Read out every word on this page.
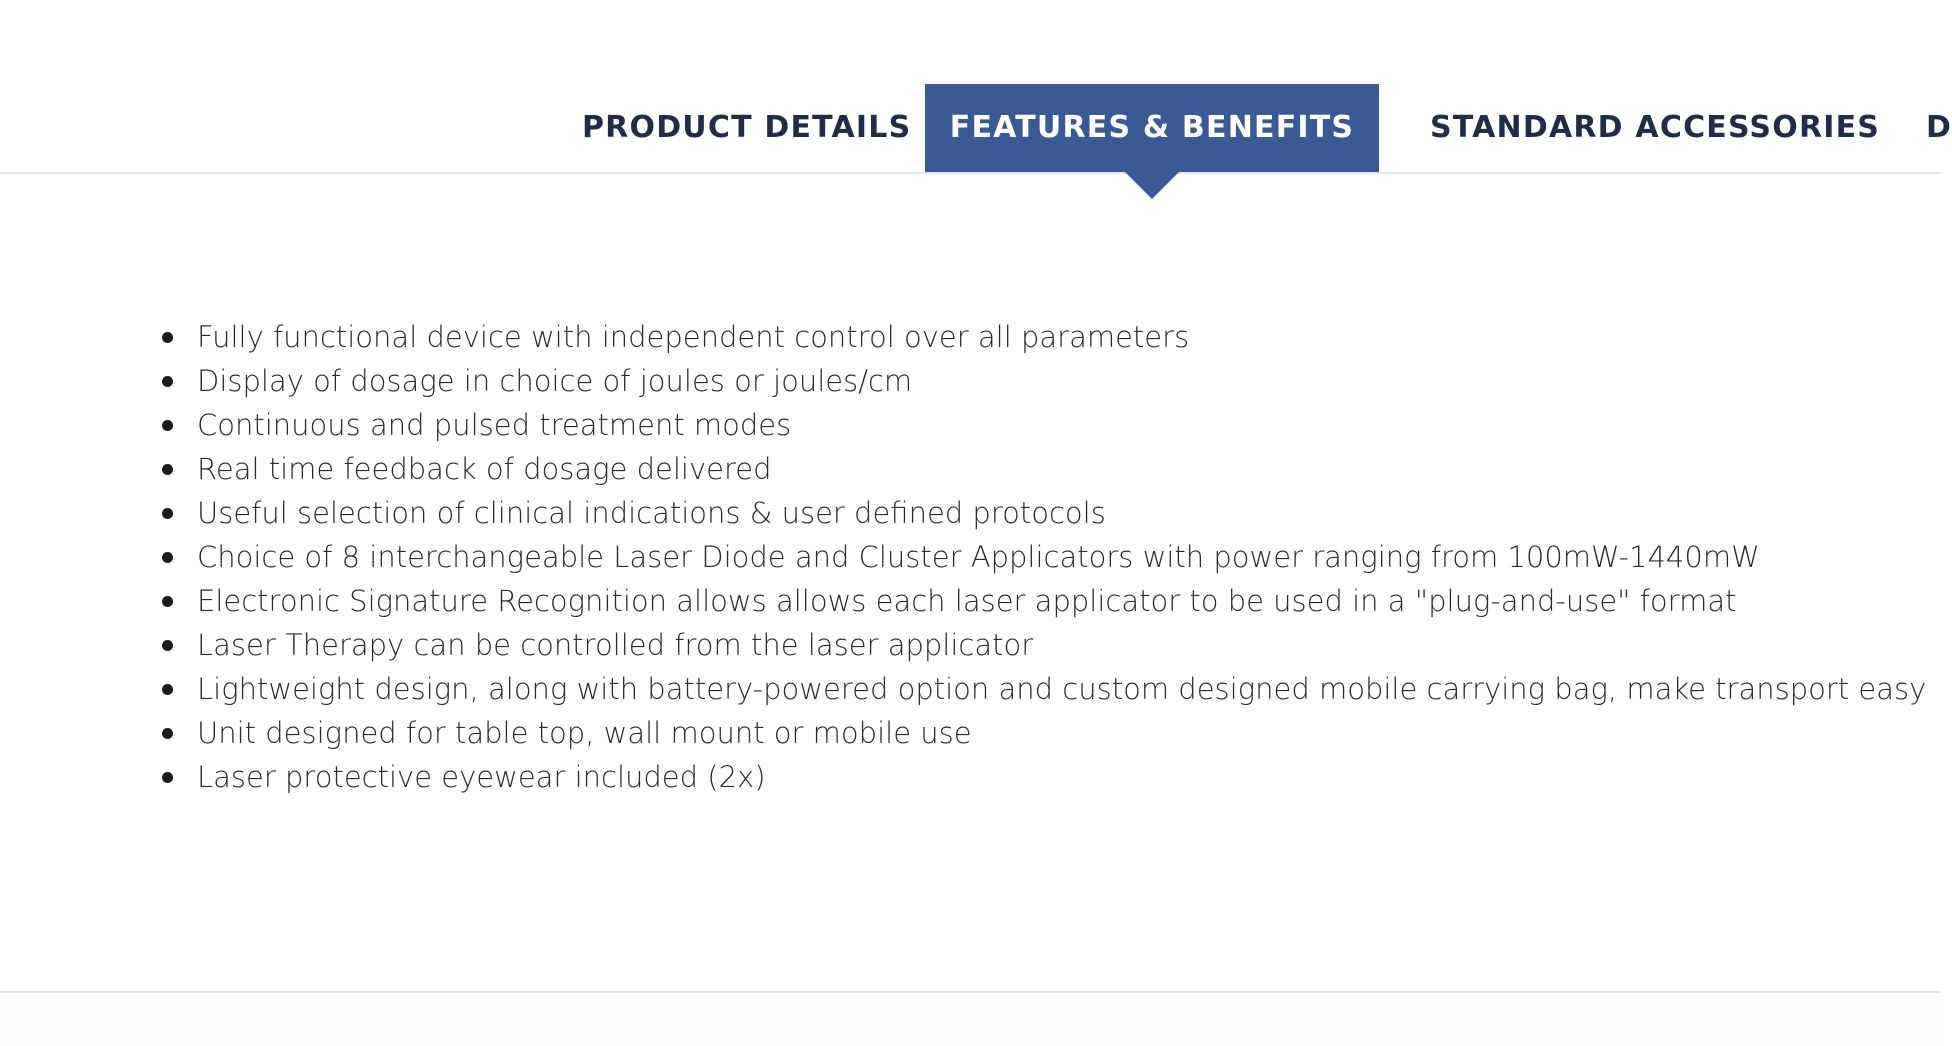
PRODUCT DETAILS	FEATURES & BENEFITS	STANDARD ACCESSORIES D
Fully functional device with independent control over all parameters
Display of dosage in choice of joules or joules/cm
Continuous and pulsed treatment modes
Real time feedback of dosage delivered
Useful selection of clinical indications & user defined protocols
Choice of 8 interchangeable Laser Diode and Cluster Applicators with power ranging from 100mW-1440mW
Electronic Signature Recognition allows allows each laser applicator to be used in a "plug-and-use" format
Laser Therapy can be controlled from the laser applicator
Lightweight design, along with battery-powered option and custom designed mobile carrying bag, make transport easy
Unit designed for table top, wall mount or mobile use
Laser protective eyewear included (2x)
